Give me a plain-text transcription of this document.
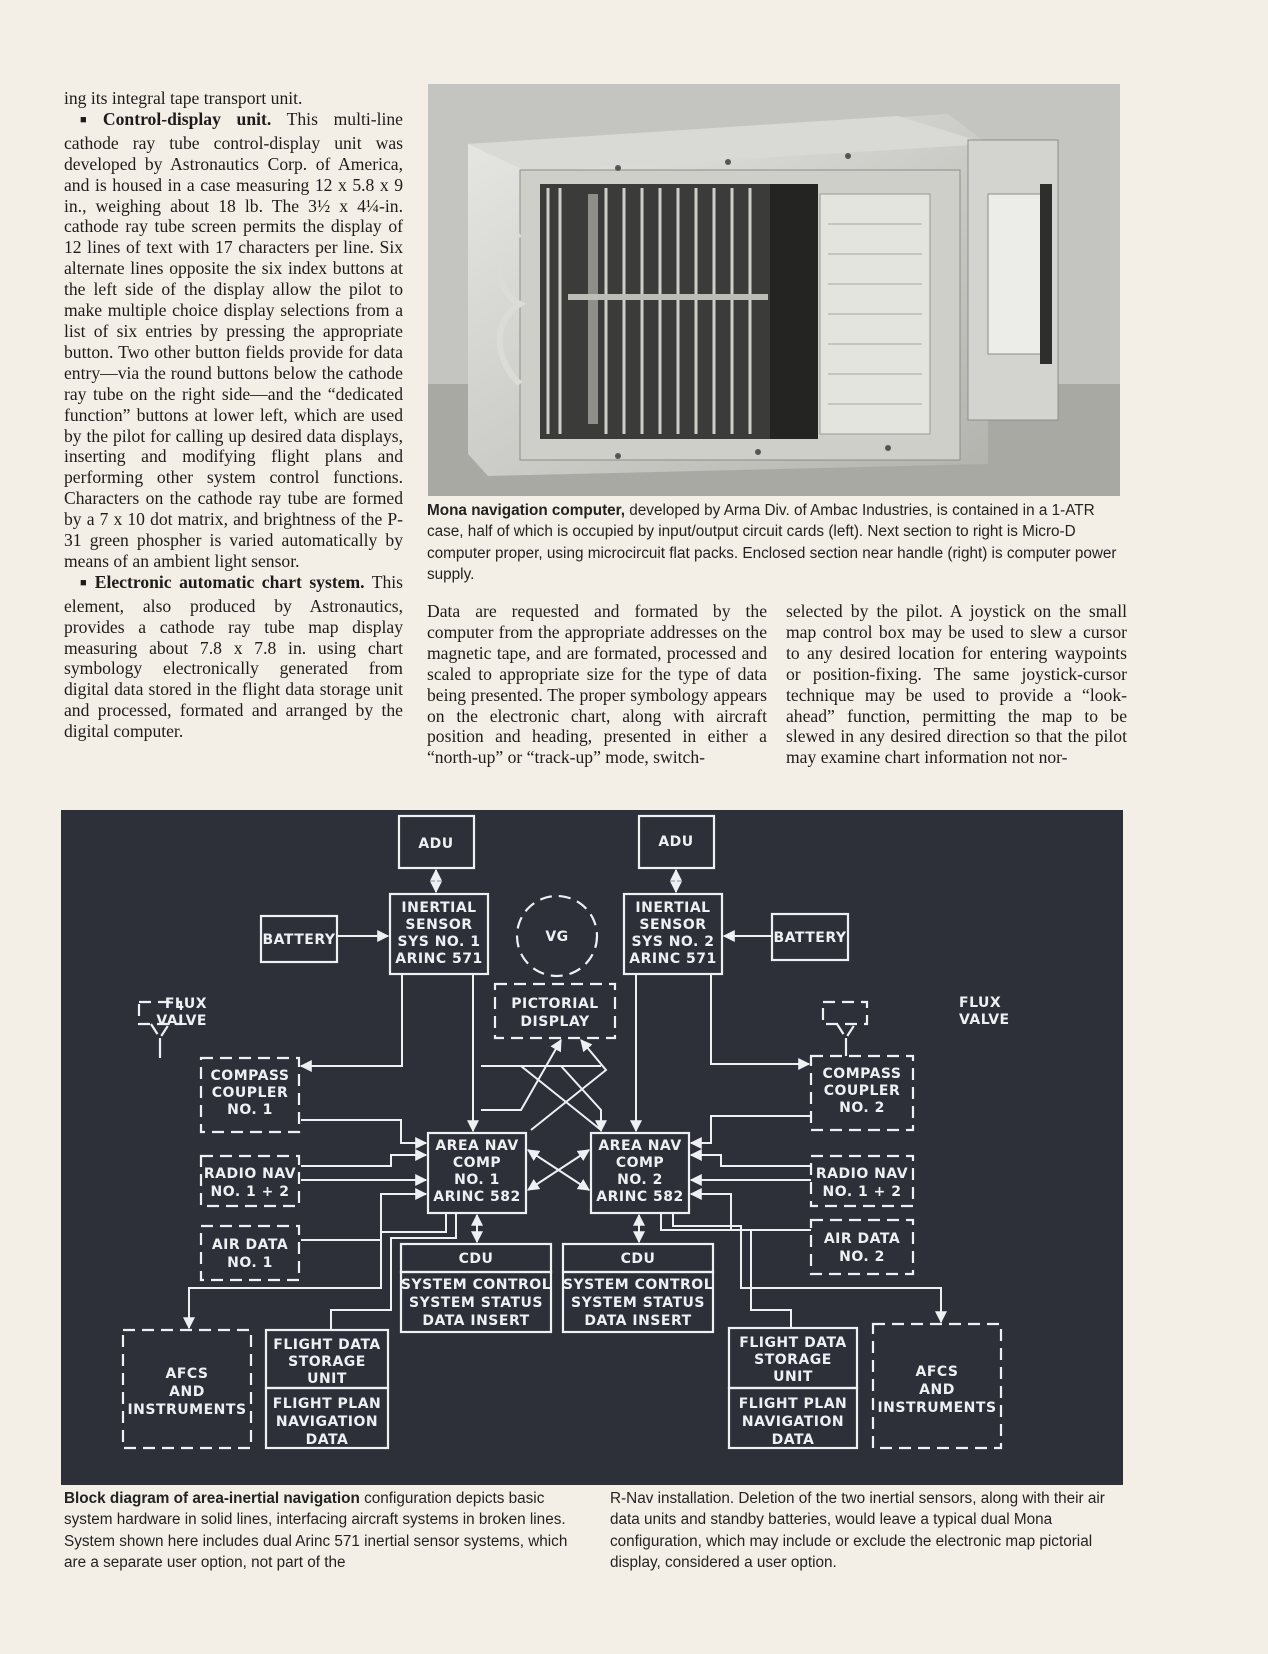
ing its integral tape transport unit.

■ Control-display unit. This multi-line cathode ray tube control-display unit was developed by Astronautics Corp. of America, and is housed in a case measuring 12 x 5.8 x 9 in., weighing about 18 lb. The 3½ x 4¼-in. cathode ray tube screen permits the display of 12 lines of text with 17 characters per line. Six alternate lines opposite the six index buttons at the left side of the display allow the pilot to make multiple choice display selections from a list of six entries by pressing the appropriate button. Two other button fields provide for data entry—via the round buttons below the cathode ray tube on the right side—and the “dedicated function” buttons at lower left, which are used by the pilot for calling up desired data displays, inserting and modifying flight plans and performing other system control functions. Characters on the cathode ray tube are formed by a 7 x 10 dot matrix, and brightness of the P-31 green phospher is varied automatically by means of an ambient light sensor.

■ Electronic automatic chart system. This element, also produced by Astronautics, provides a cathode ray tube map display measuring about 7.8 x 7.8 in. using chart symbology electronically generated from digital data stored in the flight data storage unit and processed, formated and arranged by the digital computer.

Mona navigation computer, developed by Arma Div. of Ambac Industries, is contained in a 1-ATR case, half of which is occupied by input/output circuit cards (left). Next section to right is Micro-D computer proper, using microcircuit flat packs. Enclosed section near handle (right) is computer power supply.

Data are requested and formated by the computer from the appropriate addresses on the magnetic tape, and are formated, processed and scaled to appropriate size for the type of data being presented. The proper symbology appears on the electronic chart, along with aircraft position and heading, presented in either a “north-up” or “track-up” mode, switch-

selected by the pilot. A joystick on the small map control box may be used to slew a cursor to any desired location for entering waypoints or position-fixing. The same joystick-cursor technique may be used to provide a “look-ahead” function, permitting the map to be slewed in any desired direction so that the pilot may examine chart information not nor-

ADU	ADU
BATTERY	BATTERY
INERTIAL
SENSOR
SYS NO. 1
ARINC 571
INERTIAL
SENSOR
SYS NO. 2
ARINC 571
VG
PICTORIAL
DISPLAY
COMPASS
COUPLER
NO. 1
COMPASS
COUPLER
NO. 2
AREA NAV
COMP
NO. 1
ARINC 582
AREA NAV
COMP
NO. 2
ARINC 582
RADIO NAV
NO. 1 + 2
RADIO NAV
NO. 1 + 2
AIR DATA
NO. 1
AIR DATA
NO. 2
CDU
SYSTEM CONTROL
SYSTEM STATUS
DATA INSERT
CDU
SYSTEM CONTROL
SYSTEM STATUS
DATA INSERT
AFCS
AND
INSTRUMENTS
AFCS
AND
INSTRUMENTS
FLIGHT DATA
STORAGE
UNIT
FLIGHT PLAN
NAVIGATION
DATA
FLIGHT DATA
STORAGE
UNIT
FLIGHT PLAN
NAVIGATION
DATA
FLUX
VALVE
FLUX
VALVE
Block diagram of area-inertial navigation configuration depicts basic system hardware in solid lines, interfacing aircraft systems in broken lines. System shown here includes dual Arinc 571 inertial sensor systems, which are a separate user option, not part of the
R-Nav installation. Deletion of the two inertial sensors, along with their air data units and standby batteries, would leave a typical dual Mona configuration, which may include or exclude the electronic map pictorial display, considered a user option.
